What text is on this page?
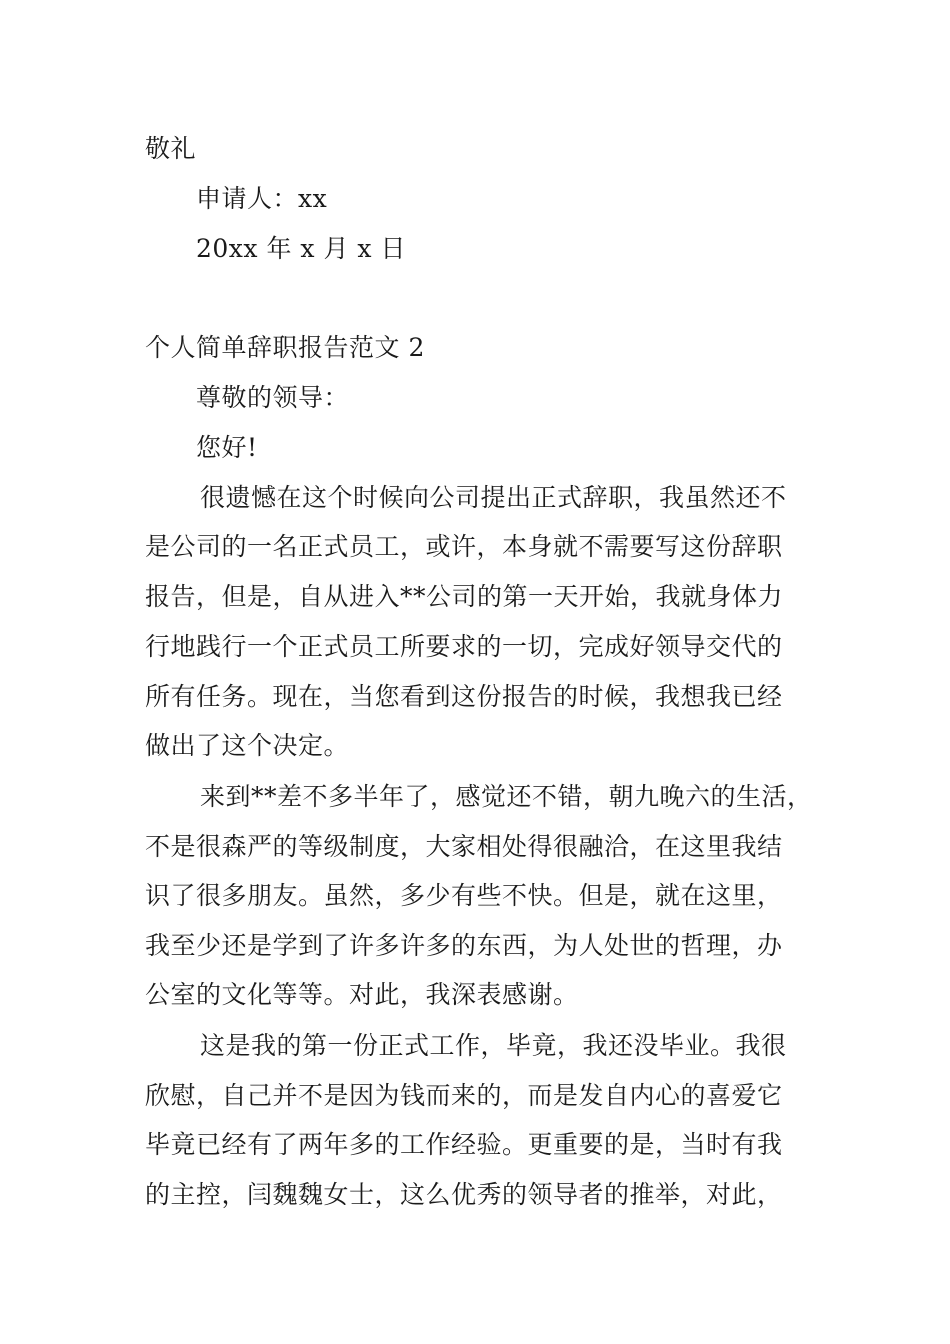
敬礼
申请人：xx
20xx 年 x 月 x 日
个人简单辞职报告范文 2
尊敬的领导：
您好!
很遗憾在这个时候向公司提出正式辞职，我虽然还不
是公司的一名正式员工，或许，本身就不需要写这份辞职
报告，但是，自从进入**公司的第一天开始，我就身体力
行地践行一个正式员工所要求的一切，完成好领导交代的
所有任务。现在，当您看到这份报告的时候，我想我已经
做出了这个决定。
来到**差不多半年了，感觉还不错，朝九晚六的生活，
不是很森严的等级制度，大家相处得很融洽，在这里我结
识了很多朋友。虽然，多少有些不快。但是，就在这里，
我至少还是学到了许多许多的东西，为人处世的哲理，办
公室的文化等等。对此，我深表感谢。
这是我的第一份正式工作，毕竟，我还没毕业。我很
欣慰，自己并不是因为钱而来的，而是发自内心的喜爱它
毕竟已经有了两年多的工作经验。更重要的是，当时有我
的主控，闫魏魏女士，这么优秀的领导者的推举，对此，
